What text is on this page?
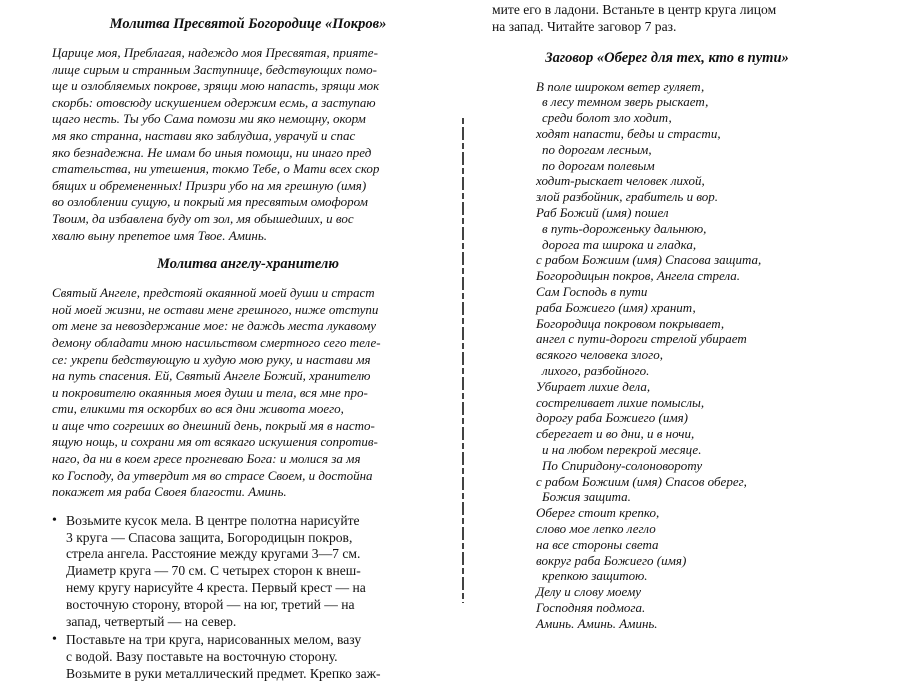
Молитва Пресвятой Богородице «Покров»

Царице моя, Преблагая, надеждо моя Пресвятая, прияте-

лище сирым и странным Заступнице, бедствующих помо-

ще и озлобляемых покрове, зрящи мою напасть, зрящи мок

скорбь: отовсюду искушением одержим есмь, а заступаю

щаго несть. Ты убо Сама помози ми яко немощну, окорм

мя яко странна, настави яко заблудша, уврачуй и спас

яко безнадежна. Не имам бо иныя помощи, ни инаго пред

стательства, ни утешения, токмо Тебе, о Мати всех скор

бящих и обремененных! Призри убо на мя грешную (имя)

во озлоблении сущую, и покрый мя пресвятым омофором

Твоим, да избавлена буду от зол, мя обышедших, и вос

хвалю выну препетое имя Твое. Аминь.

Молитва ангелу-хранителю

Святый Ангеле, предстояй окаянной моей души и страст

ной моей жизни, не остави мене грешного, ниже отступи

от мене за невоздержание мое: не даждь места лукавому

демону обладати мною насильством смертного сего теле-

се: укрепи бедствующую и худую мою руку, и настави мя

на путь спасения. Ей, Святый Ангеле Божий, хранителю

и покровителю окаянныя моея души и тела, вся мне про-

сти, еликими тя оскорбих во вся дни живота моего,

и аще что согреших во днешний день, покрый мя в насто-

ящую нощь, и сохрани мя от всякаго искушения сопротив-

наго, да ни в коем гресе прогневаю Бога: и молися за мя

ко Господу, да утвердит мя во страсе Своем, и достойна

покажет мя раба Своея благости. Аминь.

• Возьмите кусок мела. В центре полотна нарисуйте

3 круга — Спасова защита, Богородицын покров,

стрела ангела. Расстояние между кругами 3—7 см.

Диаметр круга — 70 см. С четырех сторон к внеш-

нему кругу нарисуйте 4 креста. Первый крест — на

восточную сторону, второй — на юг, третий — на

запад, четвертый — на север.

• Поставьте на три круга, нарисованных мелом, вазу

с водой. Вазу поставьте на восточную сторону.

Возьмите в руки металлический предмет. Крепко заж-

мите его в ладони. Встаньте в центр круга лицом

на запад. Читайте заговор 7 раз.

Заговор «Оберег для тех, кто в пути»

В поле широком ветер гуляет,

в лесу темном зверь рыскает,

среди болот зло ходит,

ходят напасти, беды и страсти,

по дорогам лесным,

по дорогам полевым

ходит-рыскает человек лихой,

злой разбойник, грабитель и вор.

Раб Божий (имя) пошел

в путь-дороженьку дальнюю,

дорога та широка и гладка,

с рабом Божиим (имя) Спасова защита,

Богородицын покров, Ангела стрела.

Сам Господь в пути

раба Божиего (имя) хранит,

Богородица покровом покрывает,

ангел с пути-дороги стрелой убирает

всякого человека злого,

лихого, разбойного.

Убирает лихие дела,

состреливает лихие помыслы,

дорогу раба Божиего (имя)

сберегает и во дни, и в ночи,

и на любом перекрой месяце.

По Спиридону-солоновороту

с рабом Божиим (имя) Спасов оберег,

Божия защита.

Оберег стоит крепко,

слово мое лепко легло

на все стороны света

вокруг раба Божиего (имя)

крепкою защитою.

Делу и слову моему

Господняя подмога.

Аминь. Аминь. Аминь.
